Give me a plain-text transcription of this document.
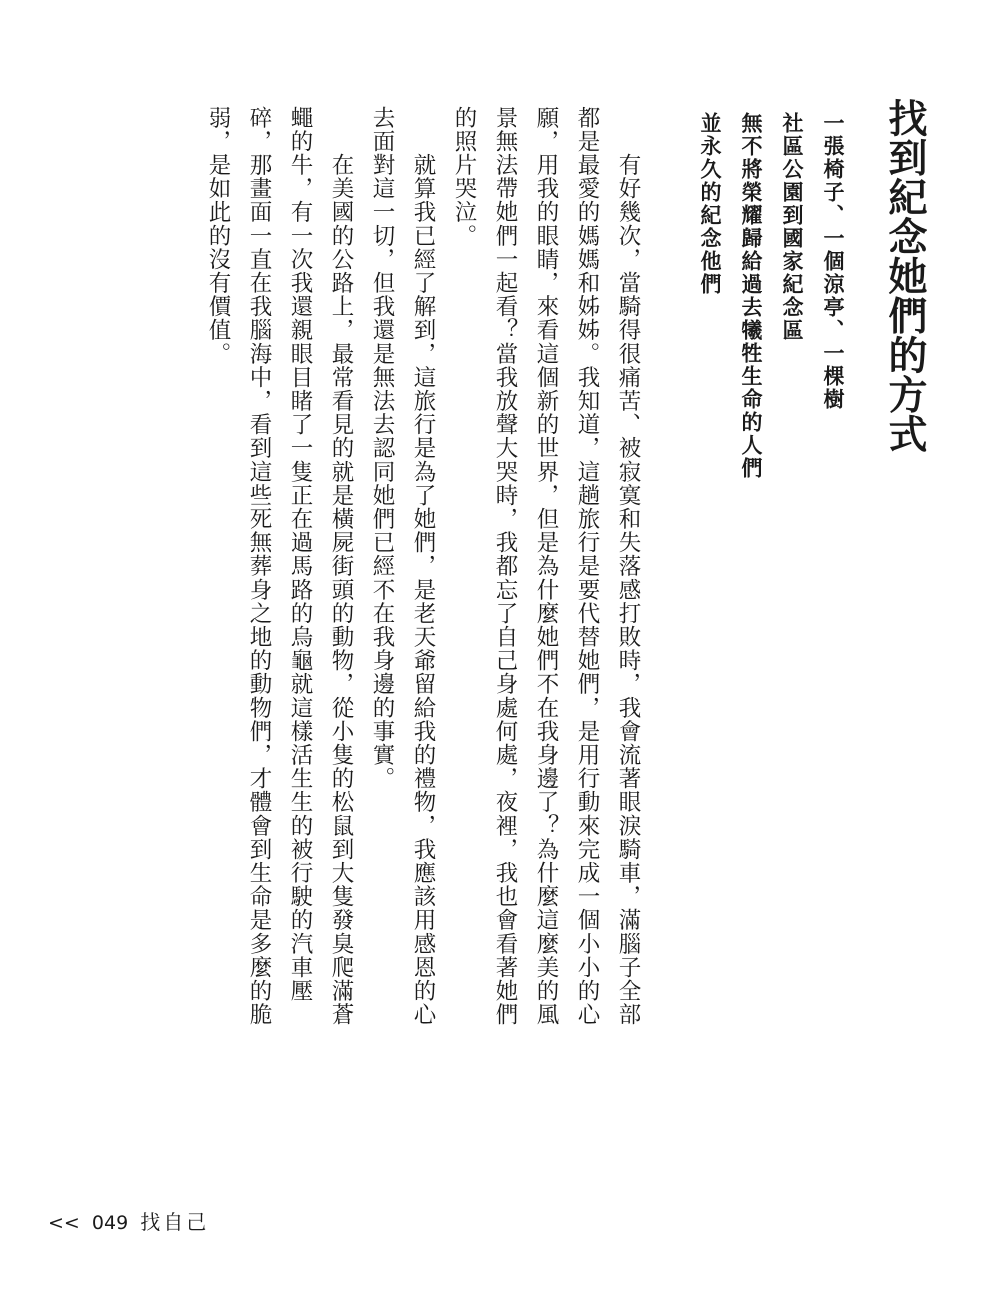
找到紀念她們的方式
一張椅子、一個涼亭、一棵樹
社區公園到國家紀念區
無不將榮耀歸給過去犧牲生命的人們
並永久的紀念他們
　　有好幾次，當騎得很痛苦、被寂寞和失落感打敗時，我會流著眼淚騎車，滿腦子全部
都是最愛的媽媽和姊姊。我知道，這趟旅行是要代替她們，是用行動來完成一個小小的心
願，用我的眼睛，來看這個新的世界，但是為什麼她們不在我身邊了？為什麼這麼美的風
景無法帶她們一起看？當我放聲大哭時，我都忘了自己身處何處，夜裡，我也會看著她們
的照片哭泣。
　　就算我已經了解到，這旅行是為了她們，是老天爺留給我的禮物，我應該用感恩的心
去面對這一切，但我還是無法去認同她們已經不在我身邊的事實。
　　在美國的公路上，最常看見的就是橫屍街頭的動物，從小隻的松鼠到大隻發臭爬滿蒼
蠅的牛，有一次我還親眼目睹了一隻正在過馬路的烏龜就這樣活生生的被行駛的汽車壓
碎，那畫面一直在我腦海中，看到這些死無葬身之地的動物們，才體會到生命是多麼的脆
弱，是如此的沒有價值。
<< 049 找自己
